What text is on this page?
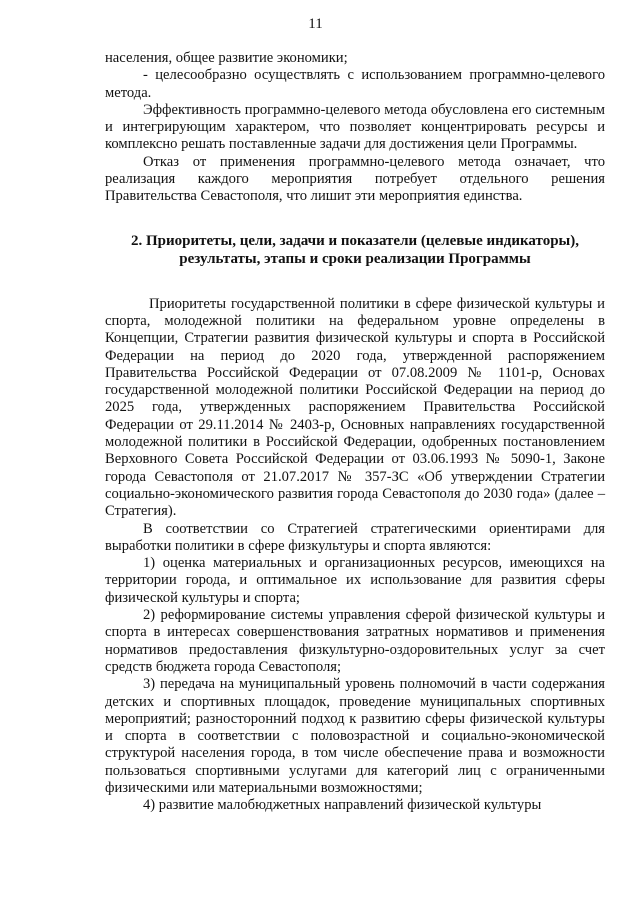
11

населения, общее развитие экономики;

- целесообразно осуществлять с использованием программно-целевого метода.

Эффективность программно-целевого метода обусловлена его системным и интегрирующим характером, что позволяет концентрировать ресурсы и комплексно решать поставленные задачи для достижения цели Программы.

Отказ от применения программно-целевого метода означает, что реализация каждого мероприятия потребует отдельного решения Правительства Севастополя, что лишит эти мероприятия единства.

2. Приоритеты, цели, задачи и показатели (целевые индикаторы), результаты, этапы и сроки реализации Программы

Приоритеты государственной политики в сфере физической культуры и спорта, молодежной политики на федеральном уровне определены в Концепции, Стратегии развития физической культуры и спорта в Российской Федерации на период до 2020 года, утвержденной распоряжением Правительства Российской Федерации от 07.08.2009 № 1101-р, Основах государственной молодежной политики Российской Федерации на период до 2025 года, утвержденных распоряжением Правительства Российской Федерации от 29.11.2014 № 2403-р, Основных направлениях государственной молодежной политики в Российской Федерации, одобренных постановлением Верховного Совета Российской Федерации от 03.06.1993 № 5090-1, Законе города Севастополя от 21.07.2017 № 357-ЗС «Об утверждении Стратегии социально-экономического развития города Севастополя до 2030 года» (далее – Стратегия).

В соответствии со Стратегией стратегическими ориентирами для выработки политики в сфере физкультуры и спорта являются:

1) оценка материальных и организационных ресурсов, имеющихся на территории города, и оптимальное их использование для развития сферы физической культуры и спорта;

2) реформирование системы управления сферой физической культуры и спорта в интересах совершенствования затратных нормативов и применения нормативов предоставления физкультурно-оздоровительных услуг за счет средств бюджета города Севастополя;

3) передача на муниципальный уровень полномочий в части содержания детских и спортивных площадок, проведение муниципальных спортивных мероприятий; разносторонний подход к развитию сферы физической культуры и спорта в соответствии с половозрастной и социально-экономической структурой населения города, в том числе обеспечение права и возможности пользоваться спортивными услугами для категорий лиц с ограниченными физическими или материальными возможностями;

4) развитие малобюджетных направлений физической культуры
